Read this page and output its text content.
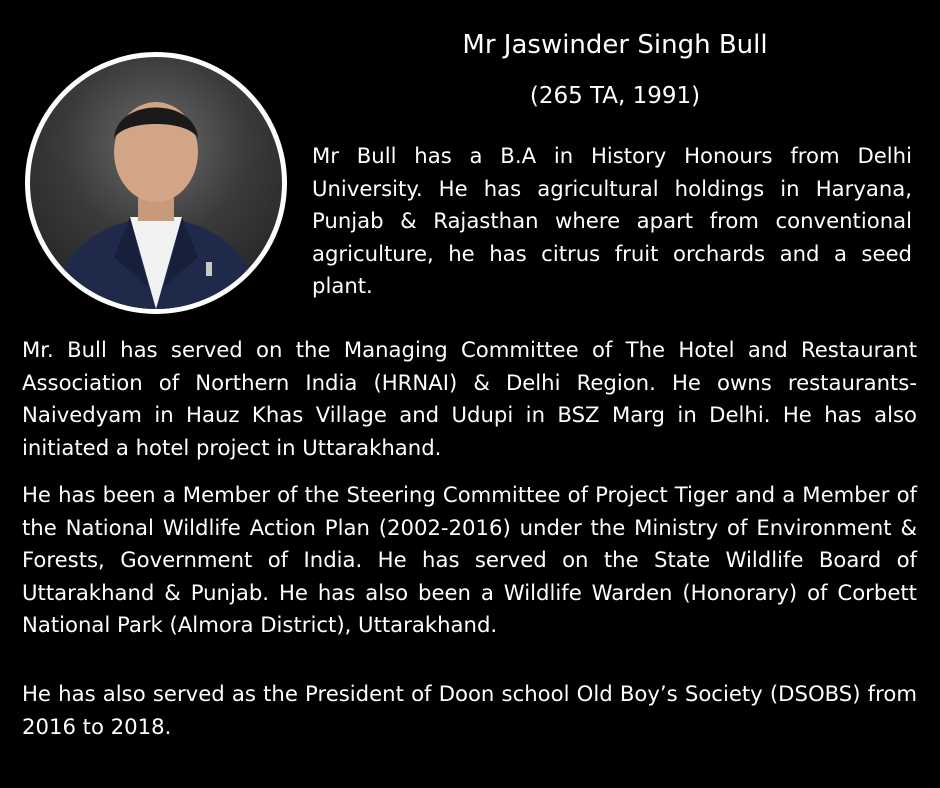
Mr Jaswinder Singh Bull

(265 TA, 1991)

Mr Bull has a B.A in History Honours from Delhi University. He has agricultural holdings in Haryana, Punjab & Rajasthan where apart from conventional agriculture, he has citrus fruit orchards and a seed plant.

Mr. Bull has served on the Managing Committee of The Hotel and Restaurant Association of Northern India (HRNAI) & Delhi Region. He owns restaurants- Naivedyam in Hauz Khas Village and Udupi in BSZ Marg in Delhi. He has also initiated a hotel project in Uttarakhand.

He has been a Member of the Steering Committee of Project Tiger and a Member of the National Wildlife Action Plan (2002-2016) under the Ministry of Environment & Forests, Government of India. He has served on the State Wildlife Board of Uttarakhand & Punjab. He has also been a Wildlife Warden (Honorary) of Corbett National Park (Almora District), Uttarakhand.

He has also served as the President of Doon school Old Boy’s Society (DSOBS) from 2016 to 2018.
